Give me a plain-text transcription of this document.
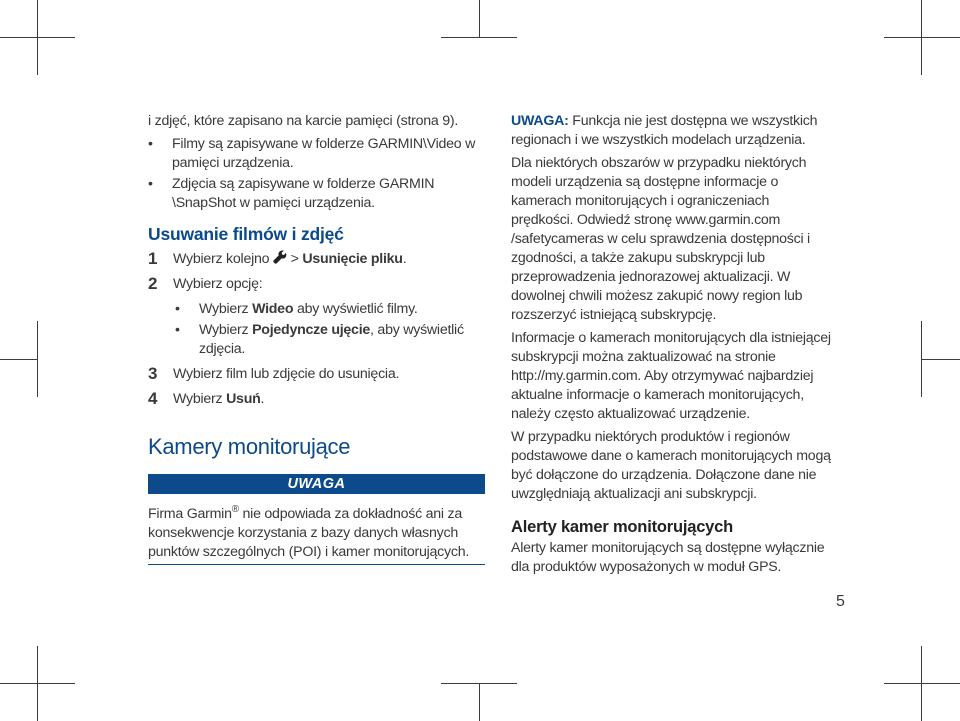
i zdjęć, które zapisano na karcie pamięci (strona 9).

• Filmy są zapisywane w folderze GARMIN\Video w pamięci urządzenia.

• Zdjęcia są zapisywane w folderze GARMIN \SnapShot w pamięci urządzenia.

Usuwanie filmów i zdjęć
1 Wybierz kolejno  > Usunięcie pliku.
2 Wybierz opcję:

• Wybierz Wideo aby wyświetlić filmy.

• Wybierz Pojedyncze ujęcie, aby wyświetlić zdjęcia.

3 Wybierz film lub zdjęcie do usunięcia.
4 Wybierz Usuń.
Kamery monitorujące
UWAGA

Firma Garmin® nie odpowiada za dokładność ani za konsekwencje korzystania z bazy danych własnych punktów szczególnych (POI) i kamer monitorujących.

UWAGA: Funkcja nie jest dostępna we wszystkich regionach i we wszystkich modelach urządzenia.

Dla niektórych obszarów w przypadku niektórych modeli urządzenia są dostępne informacje o kamerach monitorujących i ograniczeniach prędkości. Odwiedź stronę www.garmin.com /safetycameras w celu sprawdzenia dostępności i zgodności, a także zakupu subskrypcji lub przeprowadzenia jednorazowej aktualizacji. W dowolnej chwili możesz zakupić nowy region lub rozszerzyć istniejącą subskrypcję.

Informacje o kamerach monitorujących dla istniejącej subskrypcji można zaktualizować na stronie http://my.garmin.com. Aby otrzymywać najbardziej aktualne informacje o kamerach monitorujących, należy często aktualizować urządzenie.

W przypadku niektórych produktów i regionów podstawowe dane o kamerach monitorujących mogą być dołączone do urządzenia. Dołączone dane nie uwzględniają aktualizacji ani subskrypcji.

Alerty kamer monitorujących

Alerty kamer monitorujących są dostępne wyłącznie dla produktów wyposażonych w moduł GPS.

5
